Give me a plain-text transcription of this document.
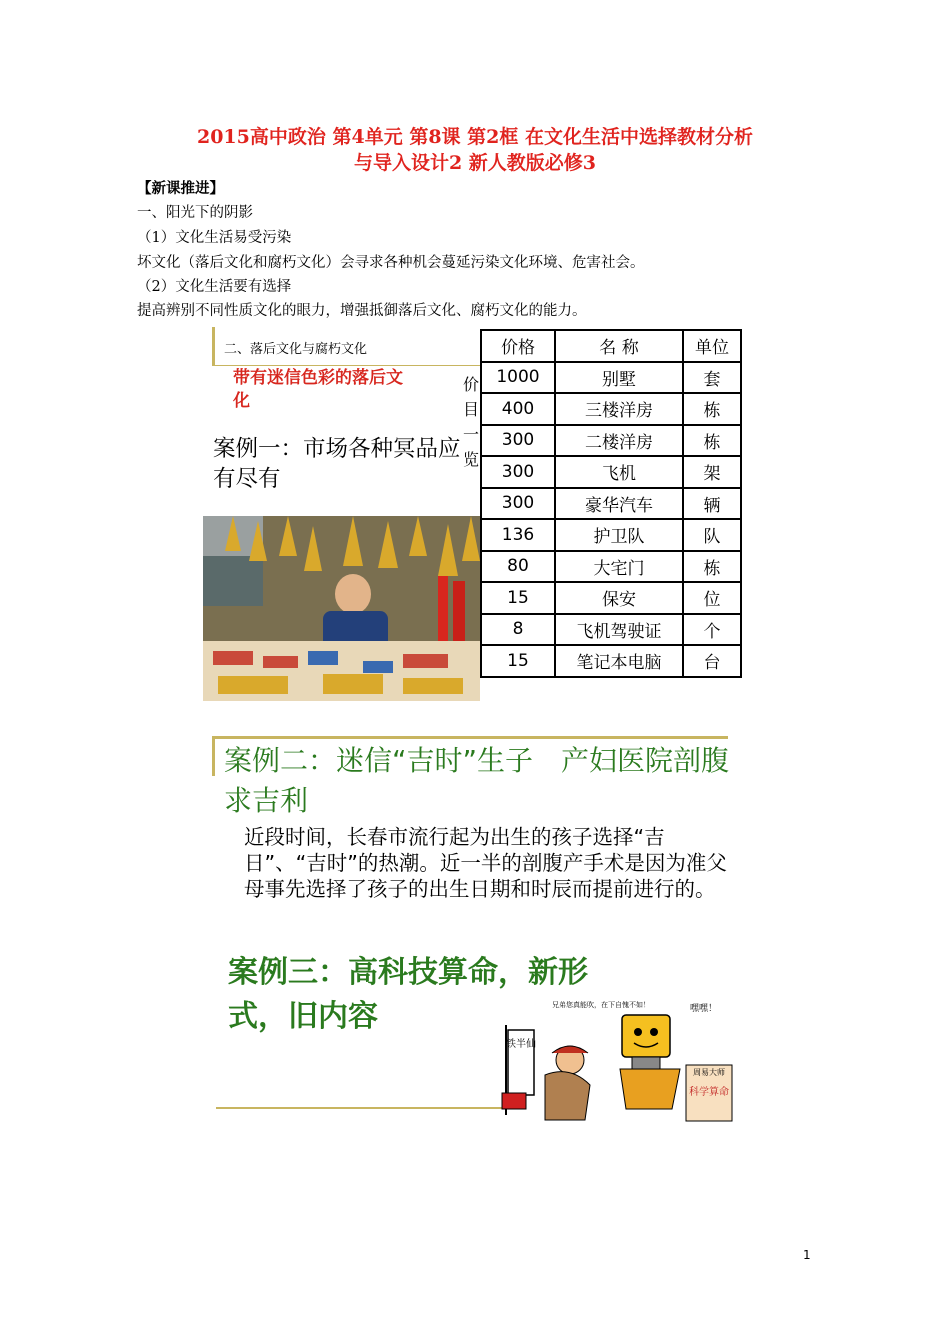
2015高中政治 第4单元 第8课 第2框 在文化生活中选择教材分析
与导入设计2 新人教版必修3
【新课推进】
一、阳光下的阴影
（1）文化生活易受污染
坏文化（落后文化和腐朽文化）会寻求各种机会蔓延污染文化环境、危害社会。
（2）文化生活要有选择
提高辨别不同性质文化的眼力，增强抵御落后文化、腐朽文化的能力。
二、落后文化与腐朽文化
带有迷信色彩的落后文化
案例一：市场各种冥品应有尽有
价目一览
价格	名 称	单位
1000	别墅	套
400	三楼洋房	栋
300	二楼洋房	栋
300	飞机	架
300	豪华汽车	辆
136	护卫队	队
80	大宅门	栋
15	保安	位
8	飞机驾驶证	个
15	笔记本电脑	台
案例二：迷信“吉时”生子　产妇医院剖腹求吉利
近段时间，长春市流行起为出生的孩子选择“吉日”、“吉时”的热潮。近一半的剖腹产手术是因为准父母事先选择了孩子的出生日期和时辰而提前进行的。
案例三：高科技算命，新形式，旧内容
铁半仙
周易大师
科学算命
兄弟您真能吹，在下自愧不如！	嘿嘿！
1
